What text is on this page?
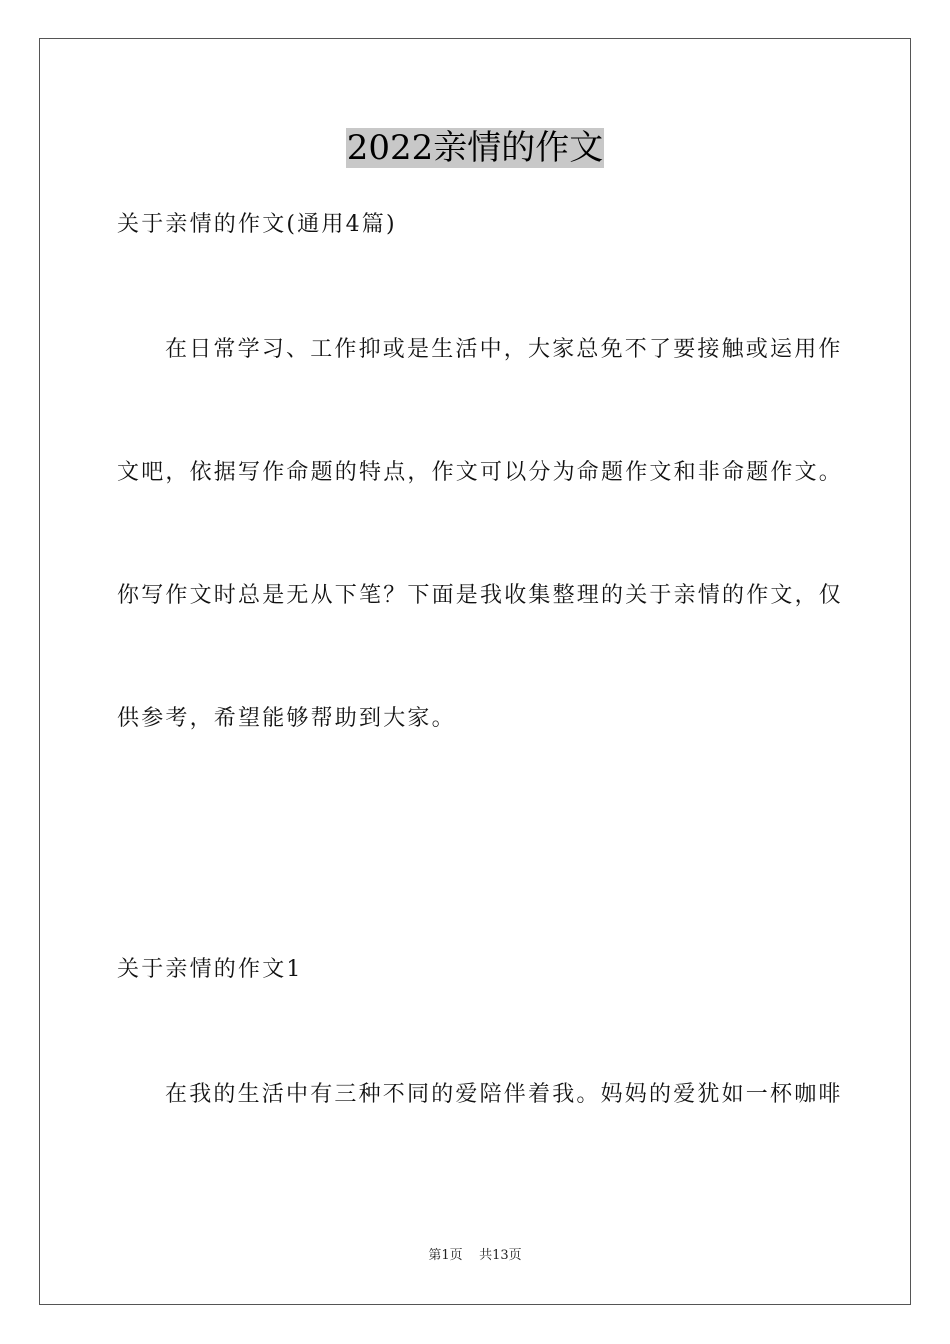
2022亲情的作文
关于亲情的作文(通用4篇)
在日常学习、工作抑或是生活中，大家总免不了要接触或运用作
文吧，依据写作命题的特点，作文可以分为命题作文和非命题作文。
你写作文时总是无从下笔？下面是我收集整理的关于亲情的作文，仅
供参考，希望能够帮助到大家。
关于亲情的作文1
在我的生活中有三种不同的爱陪伴着我。妈妈的爱犹如一杯咖啡
第1页 共13页
